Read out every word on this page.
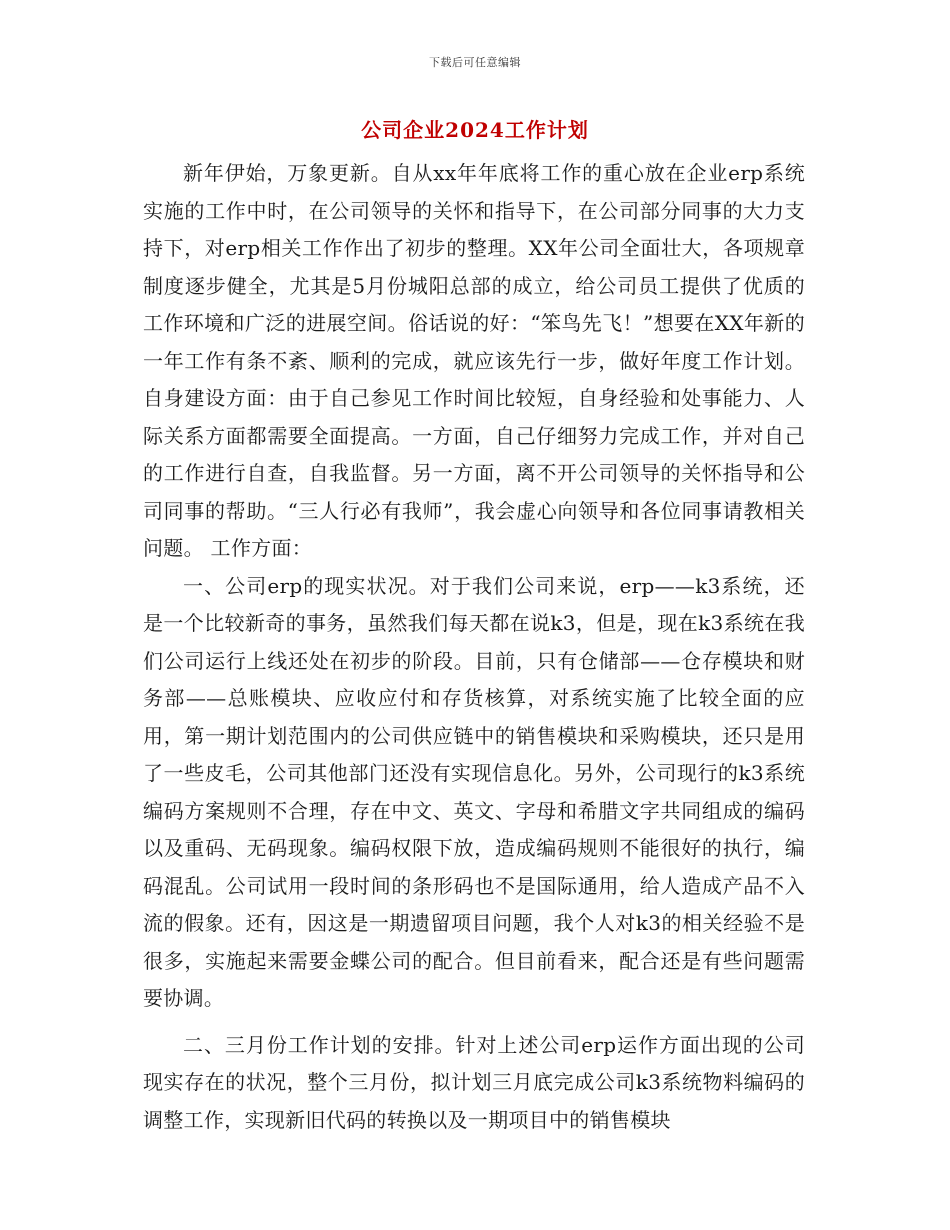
下载后可任意编辑
公司企业2024工作计划

新年伊始，万象更新。自从xx年年底将工作的重心放在企业erp系统实施的工作中时，在公司领导的关怀和指导下，在公司部分同事的大力支持下，对erp相关工作作出了初步的整理。XX年公司全面壮大，各项规章制度逐步健全，尤其是5月份城阳总部的成立，给公司员工提供了优质的工作环境和广泛的进展空间。俗话说的好：“笨鸟先飞！”想要在XX年新的一年工作有条不紊、顺利的完成，就应该先行一步，做好年度工作计划。自身建设方面：由于自己参见工作时间比较短，自身经验和处事能力、人际关系方面都需要全面提高。一方面，自己仔细努力完成工作，并对自己的工作进行自查，自我监督。另一方面，离不开公司领导的关怀指导和公司同事的帮助。“三人行必有我师”，我会虚心向领导和各位同事请教相关问题。 工作方面：

一、公司erp的现实状况。对于我们公司来说，erp——k3系统，还是一个比较新奇的事务，虽然我们每天都在说k3，但是，现在k3系统在我们公司运行上线还处在初步的阶段。目前，只有仓储部——仓存模块和财务部——总账模块、应收应付和存货核算，对系统实施了比较全面的应用，第一期计划范围内的公司供应链中的销售模块和采购模块，还只是用了一些皮毛，公司其他部门还没有实现信息化。另外，公司现行的k3系统编码方案规则不合理，存在中文、英文、字母和希腊文字共同组成的编码以及重码、无码现象。编码权限下放，造成编码规则不能很好的执行，编码混乱。公司试用一段时间的条形码也不是国际通用，给人造成产品不入流的假象。还有，因这是一期遗留项目问题，我个人对k3的相关经验不是很多，实施起来需要金蝶公司的配合。但目前看来，配合还是有些问题需要协调。

二、三月份工作计划的安排。针对上述公司erp运作方面出现的公司现实存在的状况，整个三月份，拟计划三月底完成公司k3系统物料编码的调整工作，实现新旧代码的转换以及一期项目中的销售模块
